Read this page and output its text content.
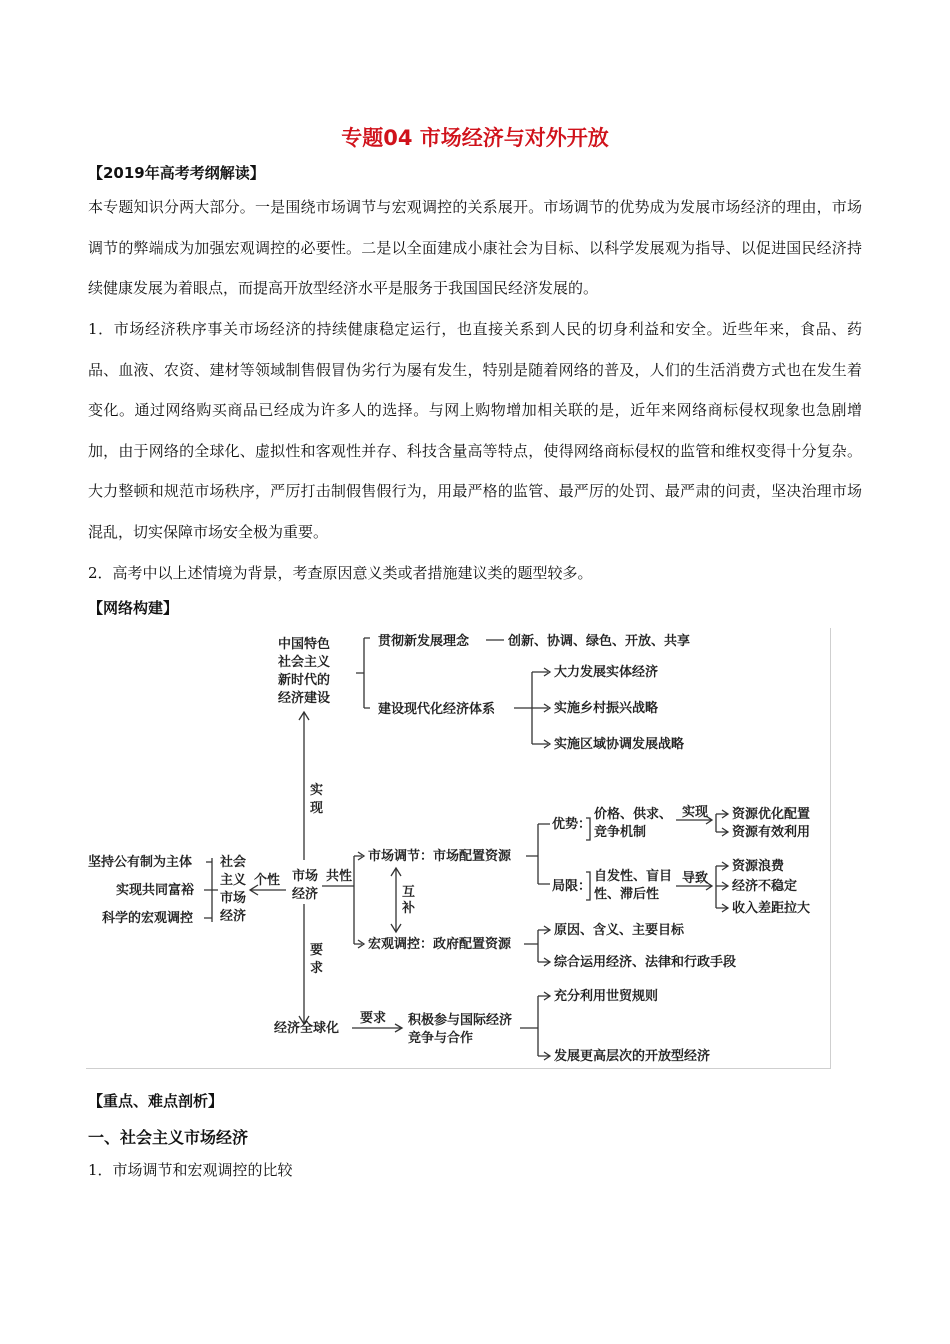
专题04 市场经济与对外开放
【2019年高考考纲解读】

本专题知识分两大部分。一是围绕市场调节与宏观调控的关系展开。市场调节的优势成为发展市场经济的理由，市场调节的弊端成为加强宏观调控的必要性。二是以全面建成小康社会为目标、以科学发展观为指导、以促进国民经济持续健康发展为着眼点，而提高开放型经济水平是服务于我国国民经济发展的。

1．市场经济秩序事关市场经济的持续健康稳定运行，也直接关系到人民的切身利益和安全。近些年来，食品、药品、血液、农资、建材等领域制售假冒伪劣行为屡有发生，特别是随着网络的普及，人们的生活消费方式也在发生着变化。通过网络购买商品已经成为许多人的选择。与网上购物增加相关联的是，近年来网络商标侵权现象也急剧增加，由于网络的全球化、虚拟性和客观性并存、科技含量高等特点，使得网络商标侵权的监管和维权变得十分复杂。大力整顿和规范市场秩序，严厉打击制假售假行为，用最严格的监管、最严厉的处罚、最严肃的问责，坚决治理市场混乱，切实保障市场安全极为重要。

2．高考中以上述情境为背景，考查原因意义类或者措施建议类的题型较多。

【网络构建】
中国特色
社会主义
新时代的
经济建设
贯彻新发展理念	创新、协调、绿色、开放、共享
建设现代化经济体系
大力发展实体经济
实施乡村振兴战略
实施区域协调发展战略
实
现
要
求
坚持公有制为主体
实现共同富裕
科学的宏观调控
社会
主义
市场
经济
个性 市场
经济
共性
市场调节：市场配置资源
宏观调控：政府配置资源
互
补
优势：
价格、供求、
竞争机制
实现 资源优化配置
资源有效利用
局限：
自发性、盲目
性、滞后性
导致
资源浪费
经济不稳定
收入差距拉大
原因、含义、主要目标
综合运用经济、法律和行政手段
经济全球化
要求 积极参与国际经济
竞争与合作
充分利用世贸规则
发展更高层次的开放型经济
【重点、难点剖析】
一、社会主义市场经济
1．市场调节和宏观调控的比较
